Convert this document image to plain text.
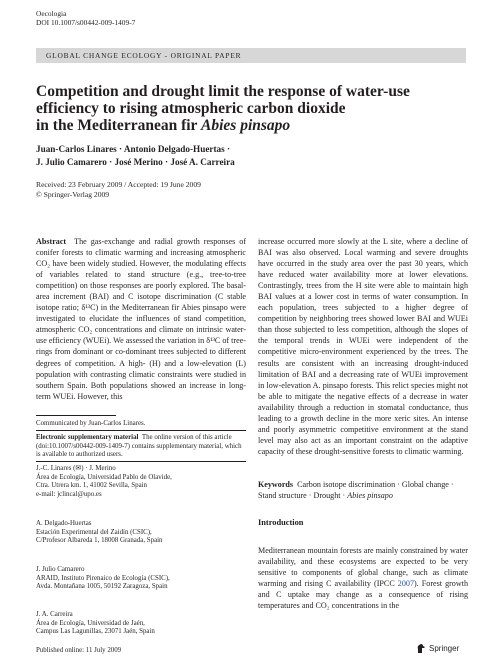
Oecologia
DOI 10.1007/s00442-009-1409-7
GLOBAL CHANGE ECOLOGY - ORIGINAL PAPER
Competition and drought limit the response of water-use
efficiency to rising atmospheric carbon dioxide
in the Mediterranean fir Abies pinsapo
Juan-Carlos Linares · Antonio Delgado-Huertas ·
J. Julio Camarero · José Merino · José A. Carreira
Received: 23 February 2009 / Accepted: 19 June 2009
© Springer-Verlag 2009
Abstract The gas-exchange and radial growth responses of conifer forests to climatic warming and increasing atmospheric CO₂ have been widely studied. However, the modulating effects of variables related to stand structure (e.g., tree-to-tree competition) on those responses are poorly explored. The basal-area increment (BAI) and C isotope discrimination (C stable isotope ratio; δ¹³C) in the Mediterranean fir Abies pinsapo were investigated to elucidate the influences of stand competition, atmospheric CO₂ concentrations and climate on intrinsic water-use efficiency (WUEi). We assessed the variation in δ¹³C of tree-rings from dominant or co-dominant trees subjected to different degrees of competition. A high- (H) and a low-elevation (L) population with contrasting climatic constraints were studied in southern Spain. Both populations showed an increase in long-term WUEi. However, this
increase occurred more slowly at the L site, where a decline of BAI was also observed. Local warming and severe droughts have occurred in the study area over the past 30 years, which have reduced water availability more at lower elevations. Contrastingly, trees from the H site were able to maintain high BAI values at a lower cost in terms of water consumption. In each population, trees subjected to a higher degree of competition by neighboring trees showed lower BAI and WUEi than those subjected to less competition, although the slopes of the temporal trends in WUEi were independent of the competitive micro-environment experienced by the trees. The results are consistent with an increasing drought-induced limitation of BAI and a decreasing rate of WUEi improvement in low-elevation A. pinsapo forests. This relict species might not be able to mitigate the negative effects of a decrease in water availability through a reduction in stomatal conductance, thus leading to a growth decline in the more xeric sites. An intense and poorly asymmetric competitive environment at the stand level may also act as an important constraint on the adaptive capacity of these drought-sensitive forests to climatic warming.
Communicated by Juan-Carlos Linares.
Electronic supplementary material The online version of this article (doi:10.1007/s00442-009-1409-7) contains supplementary material, which is available to authorized users.
J.-C. Linares (✉) · J. Merino
Área de Ecología, Universidad Pablo de Olavide,
Ctra. Utrera km. 1, 41002 Sevilla, Spain
e-mail: jclincal@upo.es
A. Delgado-Huertas
Estación Experimental del Zaidín (CSIC),
C/Profesor Albareda 1, 18008 Granada, Spain
J. Julio Camarero
ARAID, Instituto Pirenaico de Ecología (CSIC),
Avda. Montañana 1005, 50192 Zaragoza, Spain
J. A. Carreira
Área de Ecología, Universidad de Jaén,
Campus Las Lagunillas, 23071 Jaén, Spain
Keywords Carbon isotope discrimination · Global change · Stand structure · Drought · Abies pinsapo
Introduction
Mediterranean mountain forests are mainly constrained by water availability, and these ecosystems are expected to be very sensitive to components of global change, such as climate warming and rising C availability (IPCC 2007). Forest growth and C uptake may change as a consequence of rising temperatures and CO₂ concentrations in the
Published online: 11 July 2009	Springer
